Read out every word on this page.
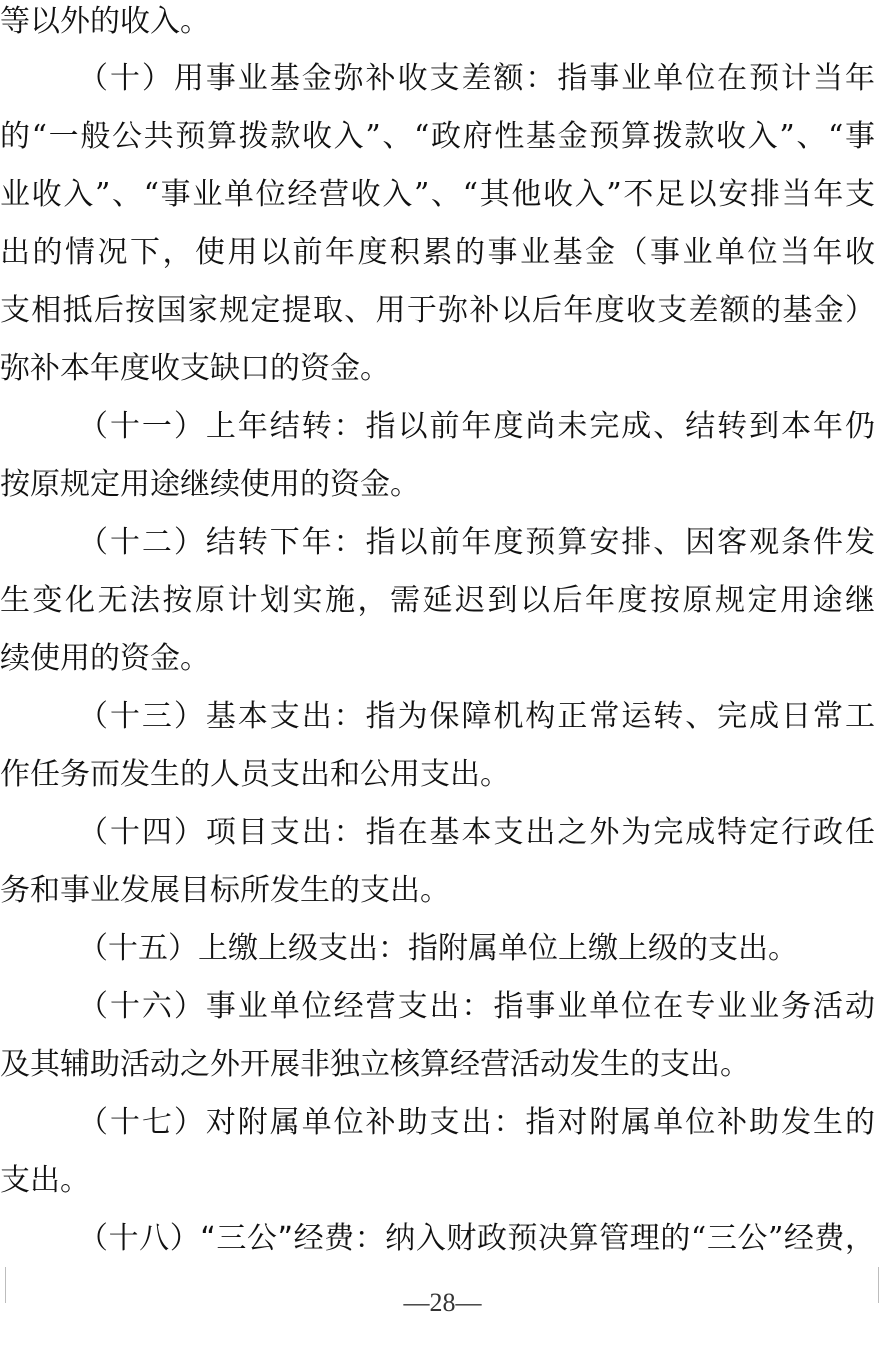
等以外的收入。
（十）用事业基金弥补收支差额：指事业单位在预计当年
的“一般公共预算拨款收入”、“政府性基金预算拨款收入”、“事
业收入”、“事业单位经营收入”、“其他收入”不足以安排当年支
出的情况下，使用以前年度积累的事业基金（事业单位当年收
支相抵后按国家规定提取、用于弥补以后年度收支差额的基金）
弥补本年度收支缺口的资金。
（十一）上年结转：指以前年度尚未完成、结转到本年仍
按原规定用途继续使用的资金。
（十二）结转下年：指以前年度预算安排、因客观条件发
生变化无法按原计划实施，需延迟到以后年度按原规定用途继
续使用的资金。
（十三）基本支出：指为保障机构正常运转、完成日常工
作任务而发生的人员支出和公用支出。
（十四）项目支出：指在基本支出之外为完成特定行政任
务和事业发展目标所发生的支出。
（十五）上缴上级支出：指附属单位上缴上级的支出。
（十六）事业单位经营支出：指事业单位在专业业务活动
及其辅助活动之外开展非独立核算经营活动发生的支出。
（十七）对附属单位补助支出：指对附属单位补助发生的
支出。
（十八）“三公”经费：纳入财政预决算管理的“三公”经费，
—28—
